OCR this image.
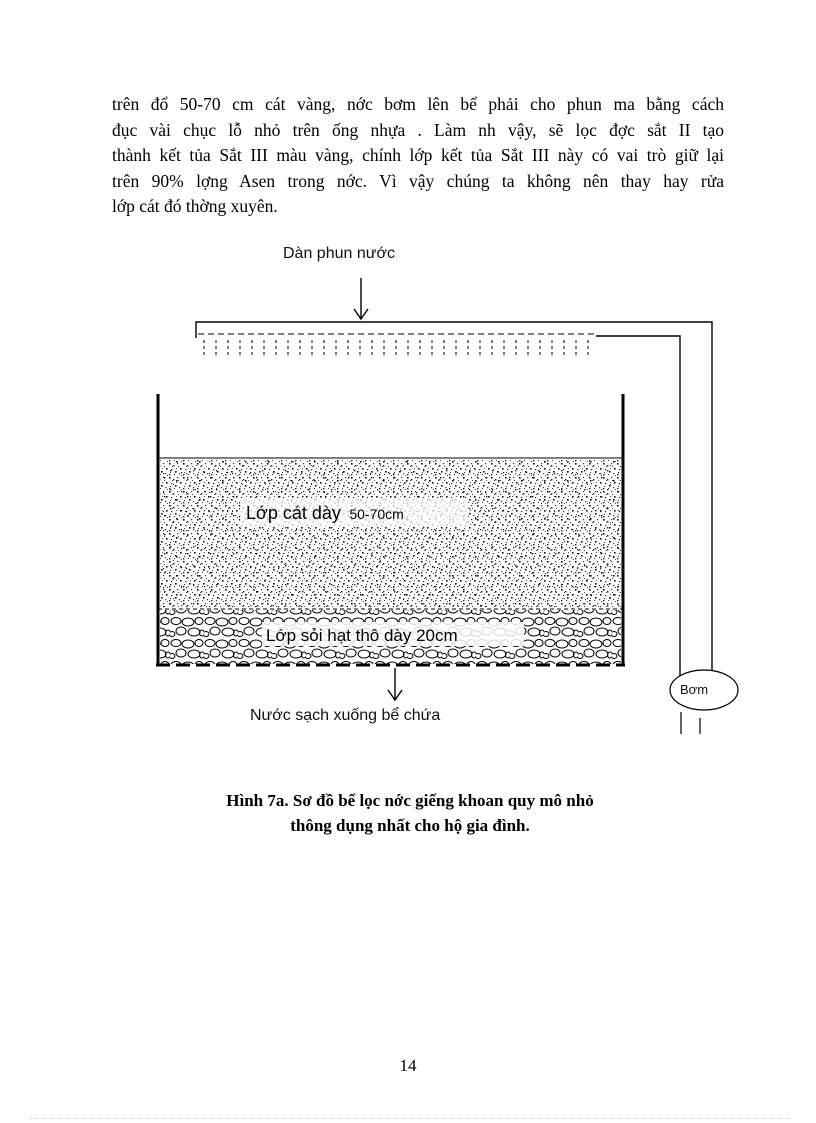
trên đổ 50-70 cm cát vàng, nớc bơm lên bể phải cho phun ma bằng cách
đục vài chục lỗ nhỏ trên ống nhựa . Làm nh vậy, sẽ lọc đợc sắt II tạo
thành kết tủa Sắt III màu vàng, chính lớp kết tủa Sắt III này có vai trò giữ lại
trên 90% lợng Asen trong nớc. Vì vậy chúng ta không nên thay hay rửa
lớp cát đó thờng xuyên.
Dàn phun nước
Lớp cát dày 50-70cm
Lớp sỏi hạt thô dày 20cm
Nước sạch xuống bể chứa
Bơm
Hình 7a. Sơ đồ bể lọc nớc giếng khoan quy mô nhỏ
thông dụng nhất cho hộ gia đình.
14
